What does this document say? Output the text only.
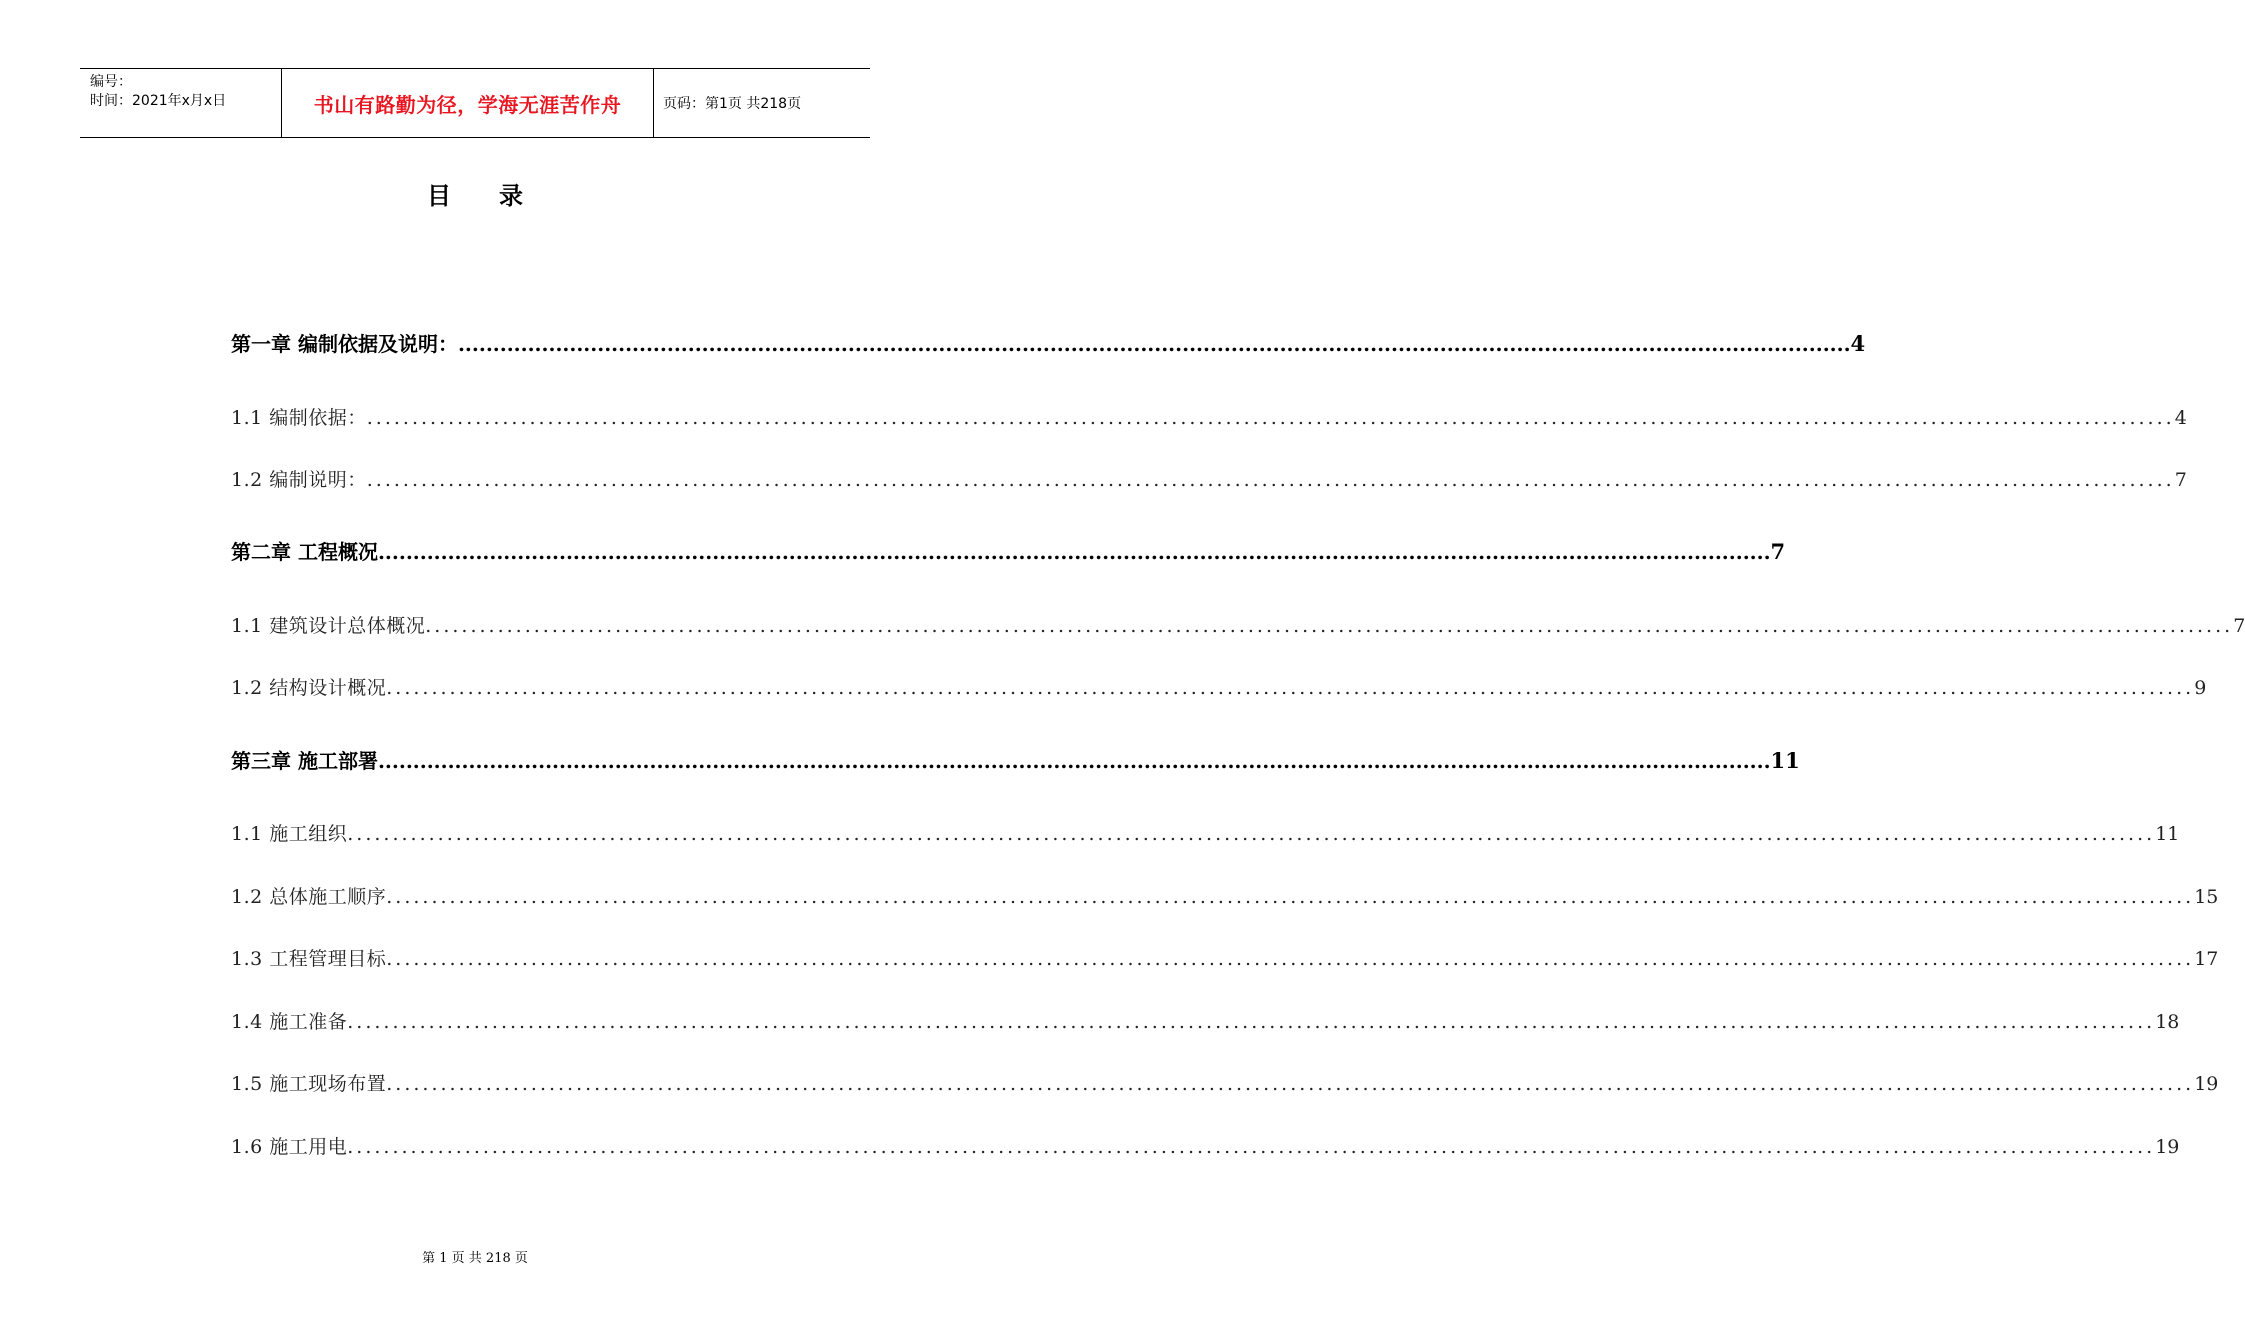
编号：
时间：2021年x月x日	书山有路勤为径，学海无涯苦作舟	页码：第1页 共218页
目录
第一章 编制依据及说明： ........................................................................................................................................................................................................ 4
1.1 编制依据： ........................................................................................................................................................................................................ 4
1.2 编制说明： ........................................................................................................................................................................................................ 7
第二章 工程概况 ........................................................................................................................................................................................................ 7
1.1 建筑设计总体概况 ........................................................................................................................................................................................................ 7
1.2 结构设计概况 ........................................................................................................................................................................................................ 9
第三章 施工部署 ........................................................................................................................................................................................................ 11
1.1 施工组织 ........................................................................................................................................................................................................ 11
1.2 总体施工顺序 ........................................................................................................................................................................................................ 15
1.3 工程管理目标 ........................................................................................................................................................................................................ 17
1.4 施工准备 ........................................................................................................................................................................................................ 18
1.5 施工现场布置 ........................................................................................................................................................................................................ 19
1.6 施工用电 ........................................................................................................................................................................................................ 19
第 1 页 共 218 页
